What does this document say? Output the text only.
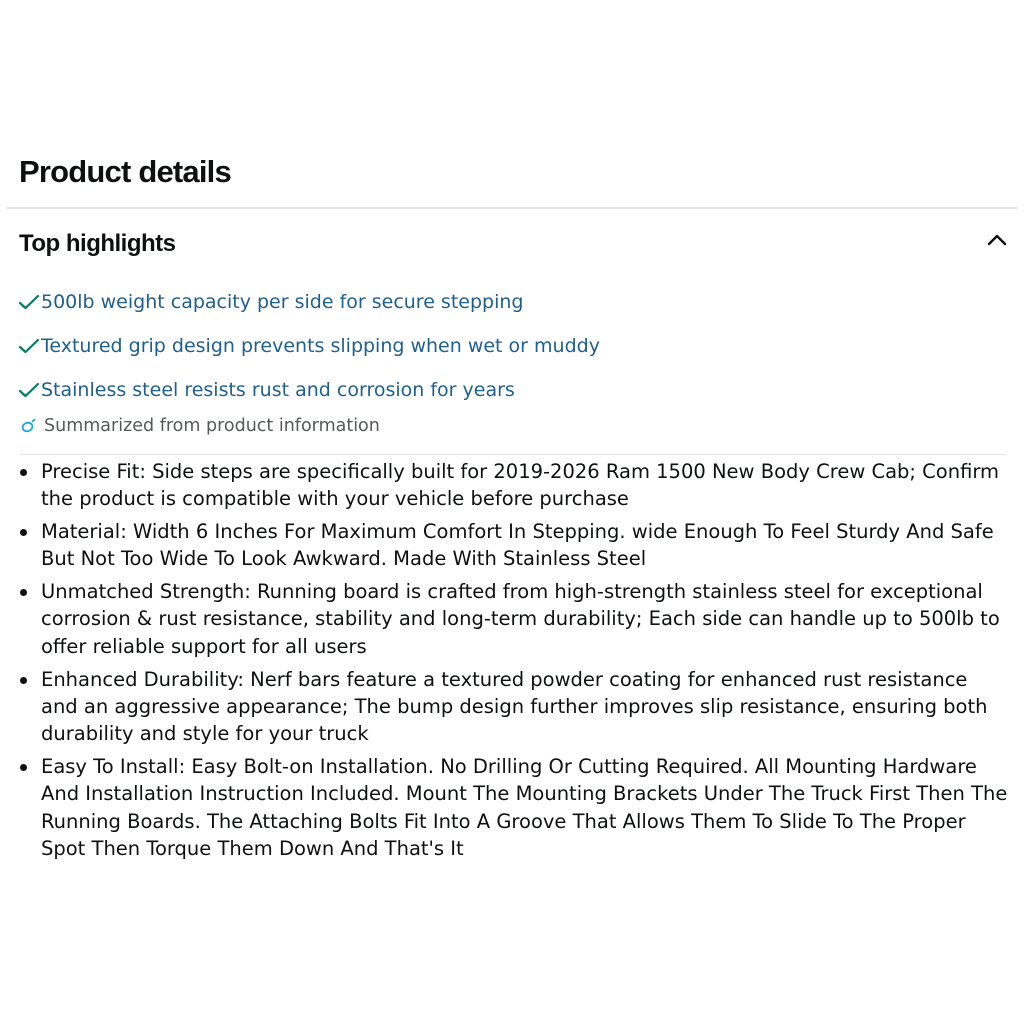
Product details
Top highlights
500lb weight capacity per side for secure stepping
Textured grip design prevents slipping when wet or muddy
Stainless steel resists rust and corrosion for years
Summarized from product information
Precise Fit: Side steps are specifically built for 2019-2026 Ram 1500 New Body Crew Cab; Confirm the product is compatible with your vehicle before purchase
Material: Width 6 Inches For Maximum Comfort In Stepping. wide Enough To Feel Sturdy And Safe But Not Too Wide To Look Awkward. Made With Stainless Steel
Unmatched Strength: Running board is crafted from high-strength stainless steel for exceptional corrosion & rust resistance, stability and long-term durability; Each side can handle up to 500lb to offer reliable support for all users
Enhanced Durability: Nerf bars feature a textured powder coating for enhanced rust resistance and an aggressive appearance; The bump design further improves slip resistance, ensuring both durability and style for your truck
Easy To Install: Easy Bolt-on Installation. No Drilling Or Cutting Required. All Mounting Hardware And Installation Instruction Included. Mount The Mounting Brackets Under The Truck First Then The Running Boards. The Attaching Bolts Fit Into A Groove That Allows Them To Slide To The Proper Spot Then Torque Them Down And That's It
